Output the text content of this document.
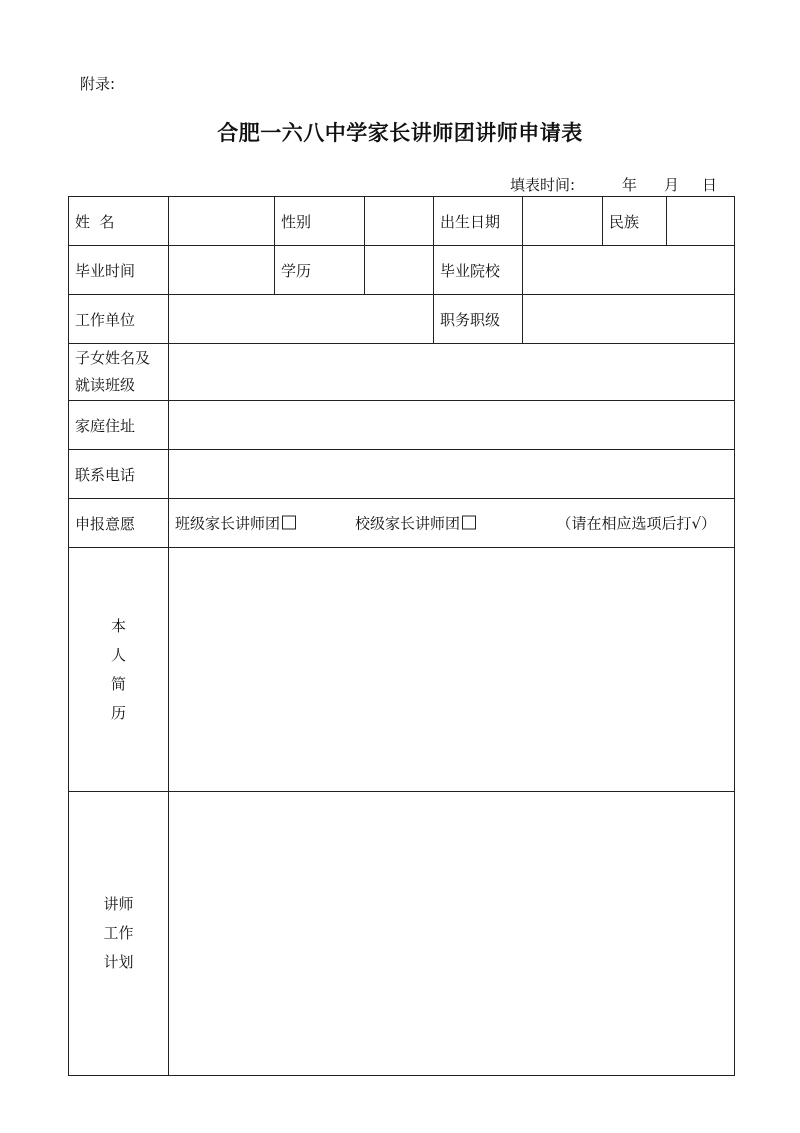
附录:
合肥一六八中学家长讲师团讲师申请表
填表时间:	年 月 日
姓  名		性别		出生日期		民族	
毕业时间		学历		毕业院校			
工作单位				职务职级			

子女姓名及
就读班级							

家庭住址							
联系电话							
申报意愿	班级家长讲师团 校级家长讲师团 （请在相应选项后打√）						

本
人
简
历							

讲师
工作
计划							
